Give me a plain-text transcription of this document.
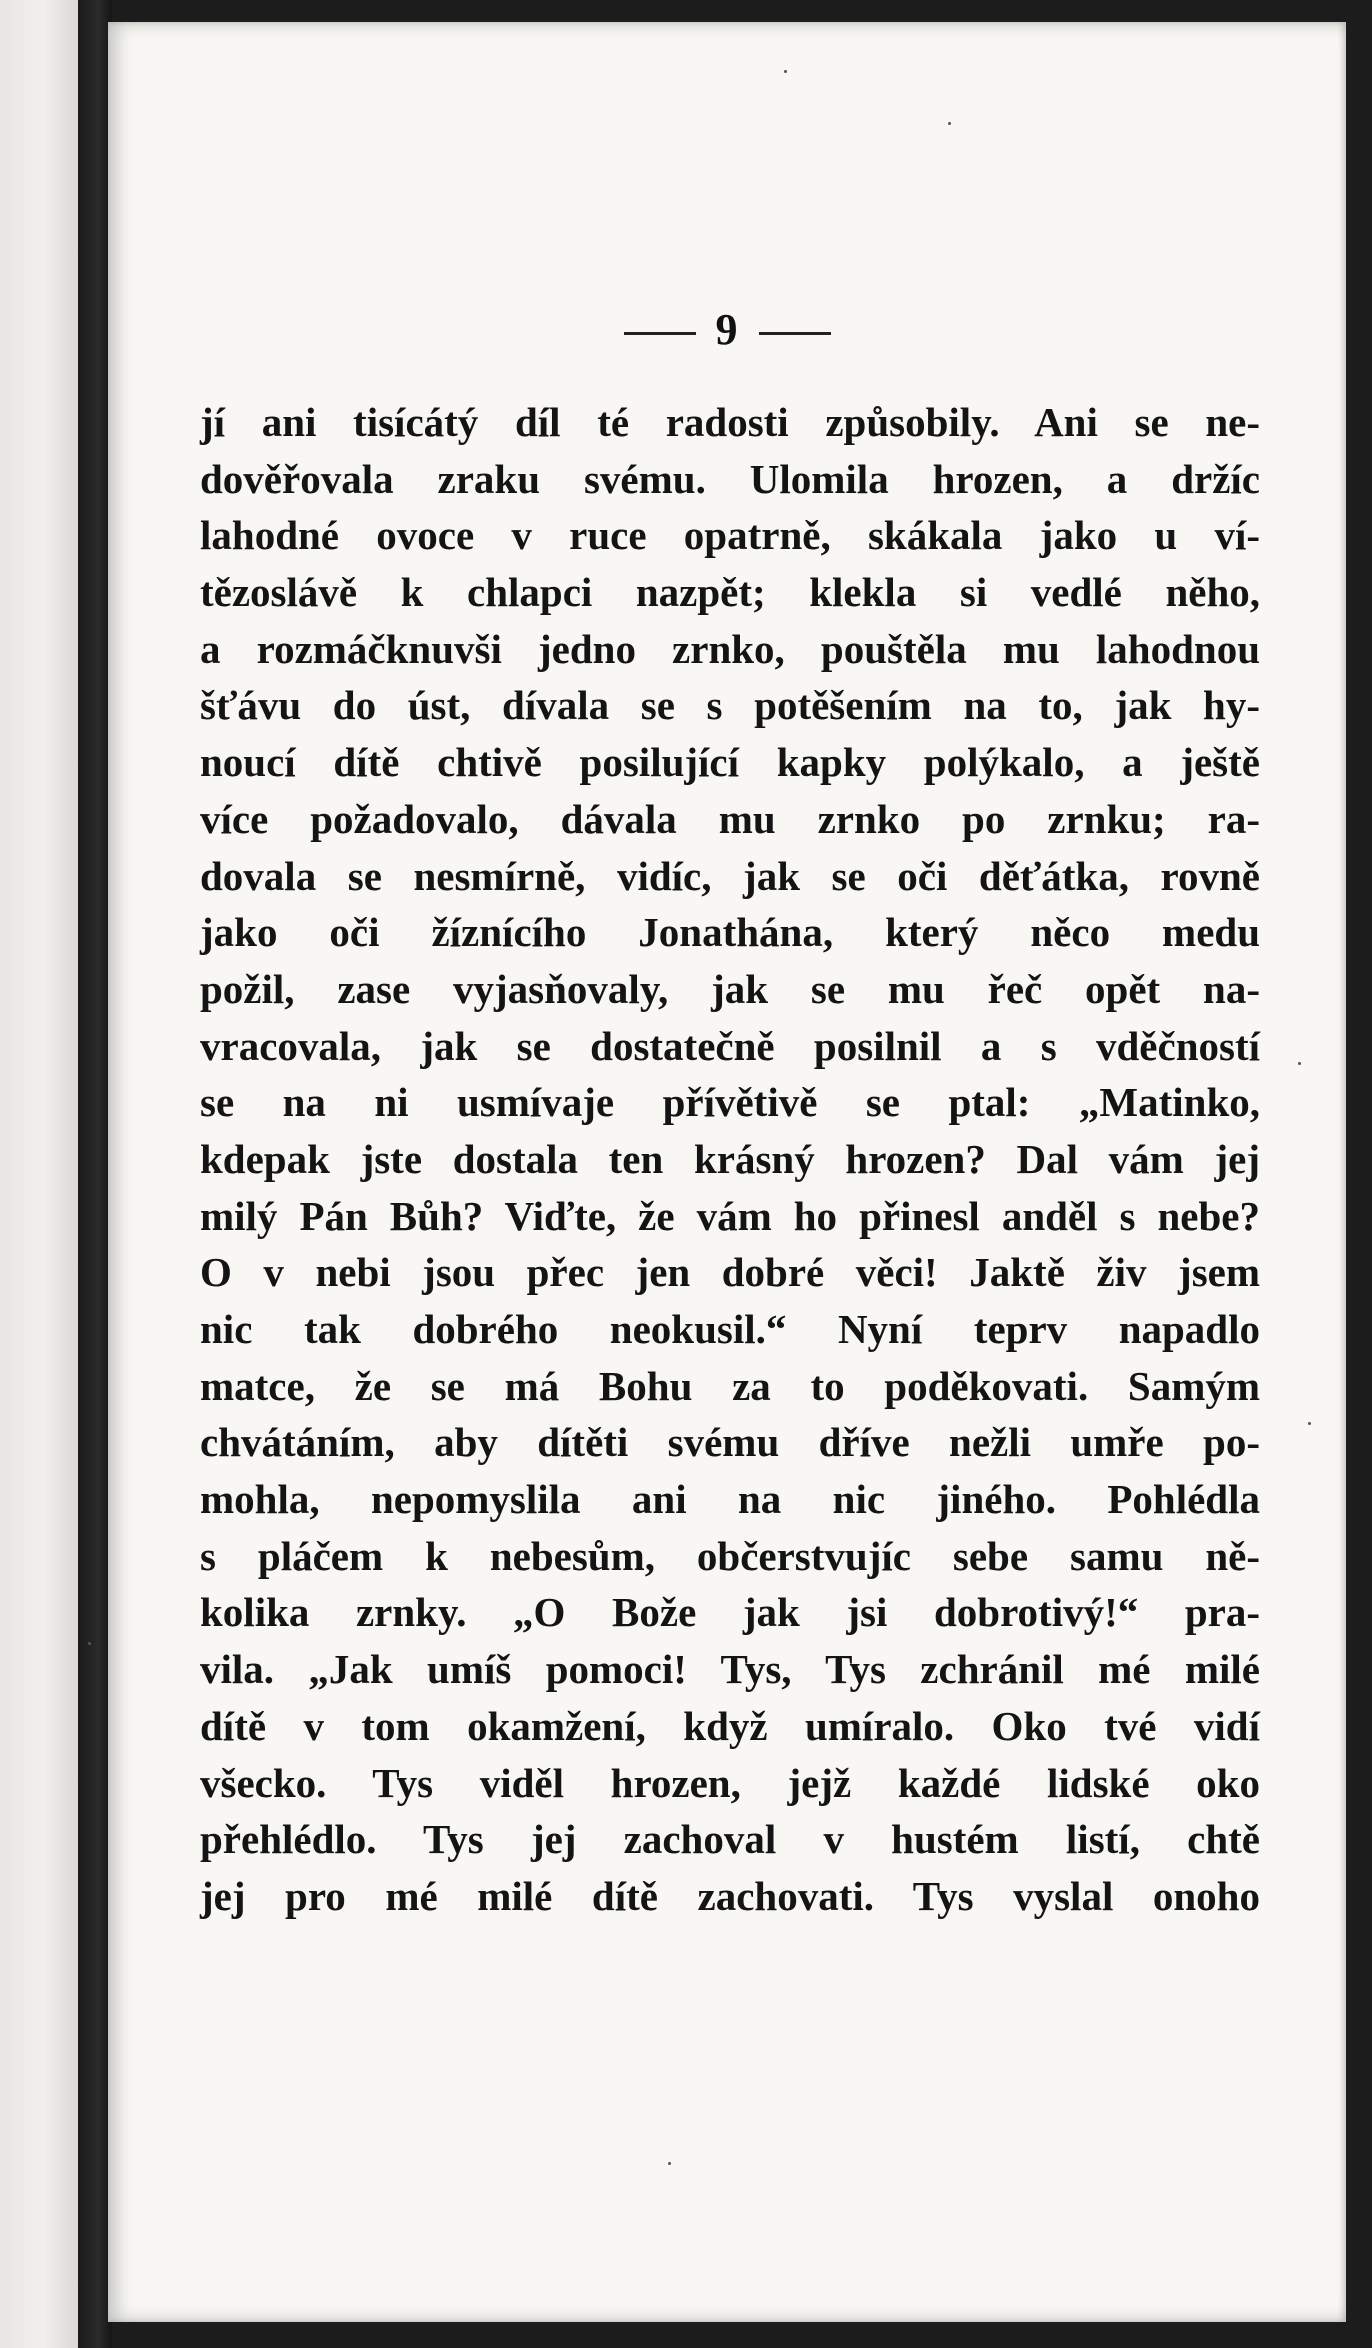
9
jí ani tisícátý díl té radosti způsobily. Ani se ne-
dověřovala zraku svému. Ulomila hrozen, a držíc
lahodné ovoce v ruce opatrně, skákala jako u ví-
tězoslávě k chlapci nazpět; klekla si vedlé něho,
a rozmáčknuvši jedno zrnko, pouštěla mu lahodnou
šťávu do úst, dívala se s potěšením na to, jak hy-
noucí dítě chtivě posilující kapky polýkalo, a ještě
více požadovalo, dávala mu zrnko po zrnku; ra-
dovala se nesmírně, vidíc, jak se oči děťátka, rovně
jako oči žíznícího Jonathána, který něco medu
požil, zase vyjasňovaly, jak se mu řeč opět na-
vracovala, jak se dostatečně posilnil a s vděčností
se na ni usmívaje přívětivě se ptal: „Matinko,
kdepak jste dostala ten krásný hrozen? Dal vám jej
milý Pán Bůh? Viďte, že vám ho přinesl anděl s nebe?
O v nebi jsou přec jen dobré věci! Jaktě živ jsem
nic tak dobrého neokusil.“ Nyní teprv napadlo
matce, že se má Bohu za to poděkovati. Samým
chvátáním, aby dítěti svému dříve nežli umře po-
mohla, nepomyslila ani na nic jiného. Pohlédla
s pláčem k nebesům, občerstvujíc sebe samu ně-
kolika zrnky. „O Bože jak jsi dobrotivý!“ pra-
vila. „Jak umíš pomoci! Tys, Tys zchránil mé milé
dítě v tom okamžení, když umíralo. Oko tvé vidí
všecko. Tys viděl hrozen, jejž každé lidské oko
přehlédlo. Tys jej zachoval v hustém listí, chtě
jej pro mé milé dítě zachovati. Tys vyslal onoho
